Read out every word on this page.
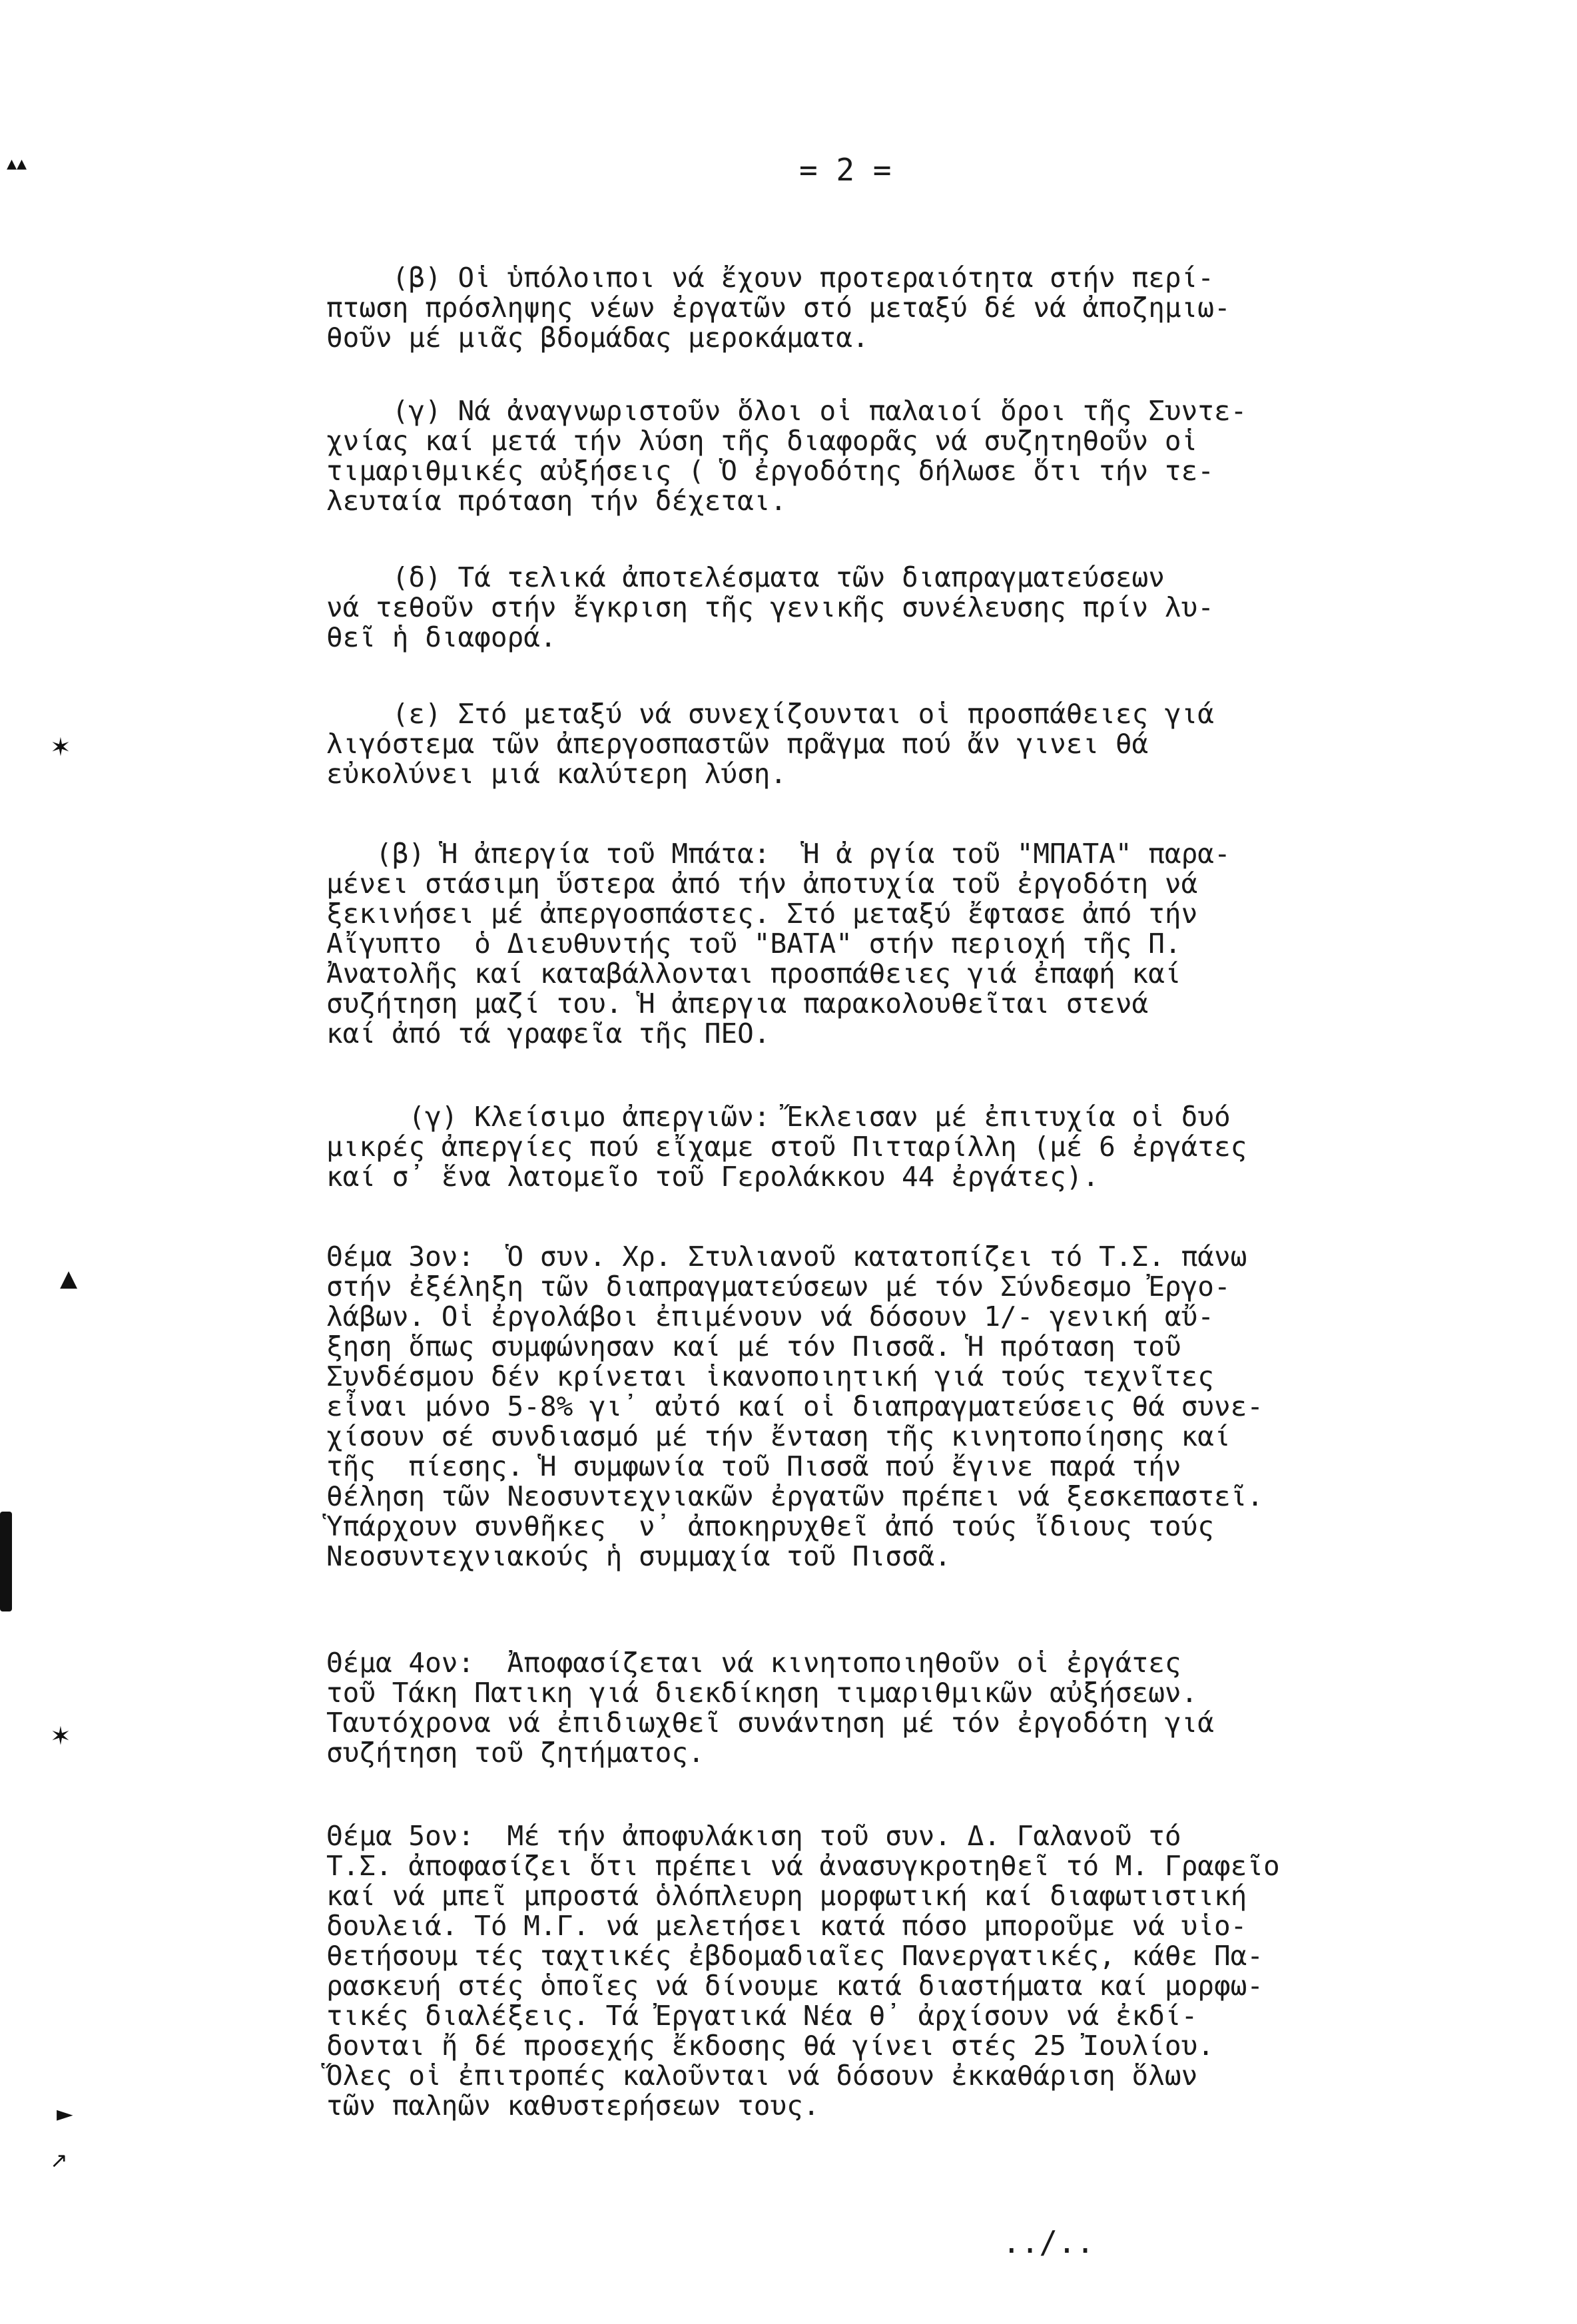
= 2 =
(β) Οἱ ὑπόλοιποι νά ἔχουν προτεραιότητα στήν περί-
πτωση πρόσληψης νέων ἐργατῶν στό μεταξύ δέ νά ἀποζημιω-
θοῦν μέ μιᾶς βδομάδας μεροκάματα.
(γ) Νά ἀναγνωριστοῦν ὅλοι οἱ παλαιοί ὅροι τῆς Συντε-
χνίας καί μετά τήν λύση τῆς διαφορᾶς νά συζητηθοῦν οἱ
τιμαριθμικές αὐξήσεις ( Ὁ ἐργοδότης δήλωσε ὅτι τήν τε-
λευταία πρόταση τήν δέχεται.
(δ) Τά τελικά ἀποτελέσματα τῶν διαπραγματεύσεων
νά τεθοῦν στήν ἔγκριση τῆς γενικῆς συνέλευσης πρίν λυ-
θεῖ ἡ διαφορά.
(ε) Στό μεταξύ νά συνεχίζουνται οἱ προσπάθειες γιά
λιγόστεμα τῶν ἀπεργοσπαστῶν πρᾶγμα πού ἄν γινει θά
εὐκολύνει μιά καλύτερη λύση.
(β) Ἡ ἀπεργία τοῦ Μπάτα:  Ἡ ἀ ργία τοῦ "ΜΠΑΤΑ" παρα-
μένει στάσιμη ὕστερα ἀπό τήν ἀποτυχία τοῦ ἐργοδότη νά
ξεκινήσει μέ ἀπεργοσπάστες. Στό μεταξύ ἔφτασε ἀπό τήν
Αἴγυπτο  ὁ Διευθυντής τοῦ "ΒΑΤΑ" στήν περιοχή τῆς Π.
Ἀνατολῆς καί καταβάλλονται προσπάθειες γιά ἐπαφή καί
συζήτηση μαζί του. Ἡ ἀπεργια παρακολουθεῖται στενά
καί ἀπό τά γραφεῖα τῆς ΠΕΟ.
(γ) Κλείσιμο ἀπεργιῶν: Ἔκλεισαν μέ ἐπιτυχία οἱ δυό
μικρές ἀπεργίες πού εἴχαμε στοῦ Πιτταρίλλη (μέ 6 ἐργάτες
καί σ᾿ ἕνα λατομεῖο τοῦ Γερολάκκου 44 ἐργάτες).
Θέμα 3ον:  Ὁ συν. Χρ. Στυλιανοῦ κατατοπίζει τό Τ.Σ. πάνω
στήν ἐξέληξη τῶν διαπραγματεύσεων μέ τόν Σύνδεσμο Ἐργο-
λάβων. Οἱ ἐργολάβοι ἐπιμένουν νά δόσουν 1/- γενική αὔ-
ξηση ὅπως συμφώνησαν καί μέ τόν Πισσᾶ. Ἡ πρόταση τοῦ
Συνδέσμου δέν κρίνεται ἱκανοποιητική γιά τούς τεχνῖτες
εἶναι μόνο 5-8% γι᾿ αὐτό καί οἱ διαπραγματεύσεις θά συνε-
χίσουν σέ συνδιασμό μέ τήν ἔνταση τῆς κινητοποίησης καί
τῆς  πίεσης. Ἡ συμφωνία τοῦ Πισσᾶ πού ἔγινε παρά τήν
θέληση τῶν Νεοσυντεχνιακῶν ἐργατῶν πρέπει νά ξεσκεπαστεῖ.
Ὑπάρχουν συνθῆκες  ν᾿ ἀποκηρυχθεῖ ἀπό τούς ἴδιους τούς
Νεοσυντεχνιακούς ἡ συμμαχία τοῦ Πισσᾶ.
Θέμα 4ον:  Ἀποφασίζεται νά κινητοποιηθοῦν οἱ ἐργάτες
τοῦ Τάκη Πατικη γιά διεκδίκηση τιμαριθμικῶν αὐξήσεων.
Ταυτόχρονα νά ἐπιδιωχθεῖ συνάντηση μέ τόν ἐργοδότη γιά
συζήτηση τοῦ ζητήματος.
Θέμα 5ον:  Μέ τήν ἀποφυλάκιση τοῦ συν. Δ. Γαλανοῦ τό
Τ.Σ. ἀποφασίζει ὅτι πρέπει νά ἀνασυγκροτηθεῖ τό Μ. Γραφεῖο
καί νά μπεῖ μπροστά ὁλόπλευρη μορφωτική καί διαφωτιστική
δουλειά. Τό Μ.Γ. νά μελετήσει κατά πόσο μποροῦμε νά υἱο-
θετήσουμ τές ταχτικές ἐβδομαδιαῖες Πανεργατικές, κάθε Πα-
ρασκευή στές ὁποῖες νά δίνουμε κατά διαστήματα καί μορφω-
τικές διαλέξεις. Τά Ἐργατικά Νέα θ᾿ ἀρχίσουν νά ἐκδί-
δονται ἤ δέ προσεχής ἔκδοσης θά γίνει στές 25 Ἰουλίου.
Ὅλες οἱ ἐπιτροπές καλοῦνται νά δόσουν ἐκκαθάριση ὅλων
τῶν παληῶν καθυστερήσεων τους.
../..
▴▴
✶
▲
✶
►
↗
